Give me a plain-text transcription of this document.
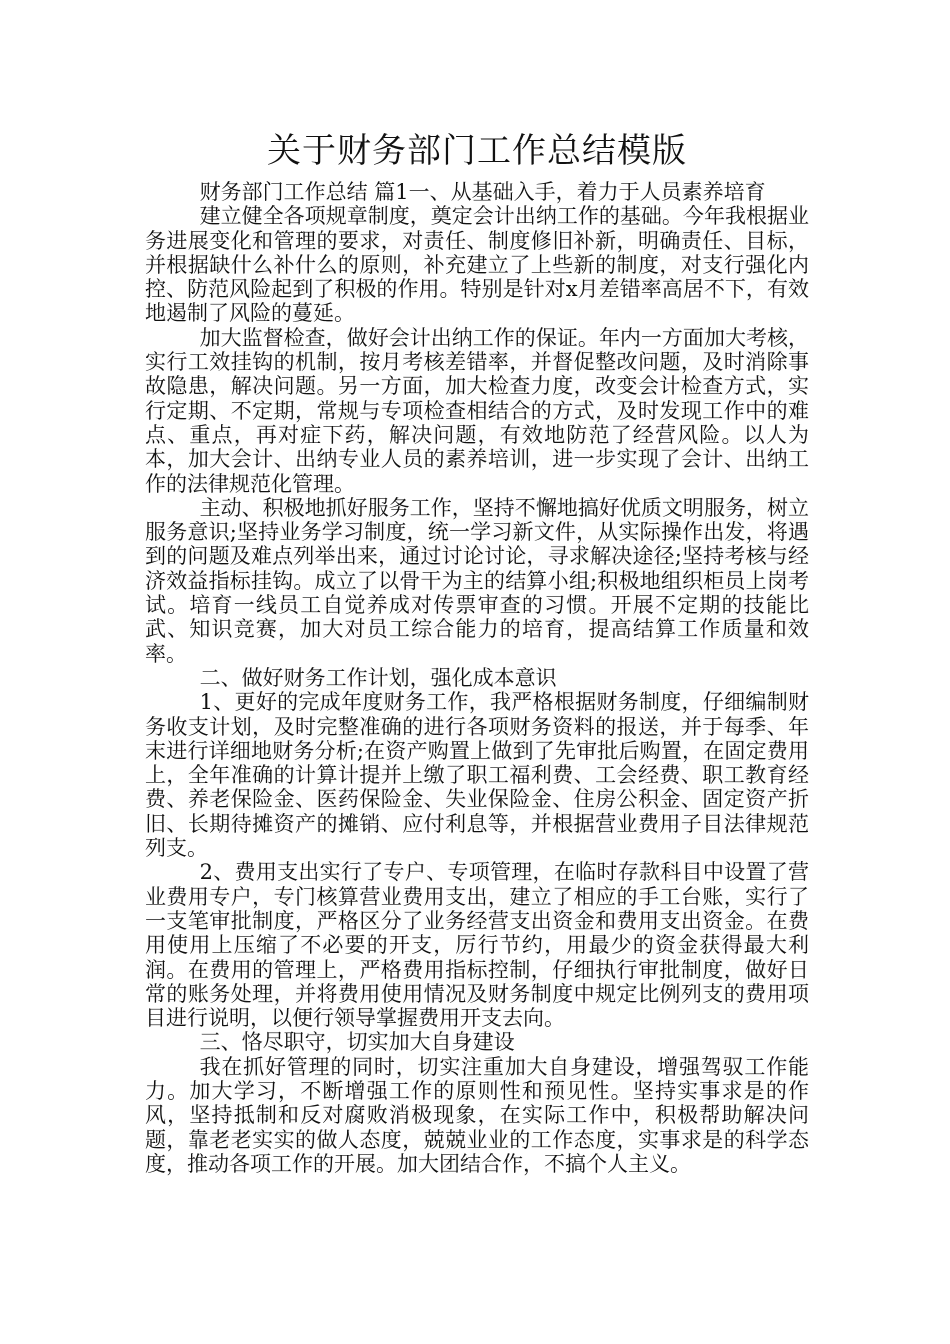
关于财务部门工作总结模版

财务部门工作总结 篇1一、从基础入手，着力于人员素养培育

建立健全各项规章制度，奠定会计出纳工作的基础。今年我根据业务进展变化和管理的要求，对责任、制度修旧补新，明确责任、目标，并根据缺什么补什么的原则，补充建立了上些新的制度，对支行强化内控、防范风险起到了积极的作用。特别是针对x月差错率高居不下，有效地遏制了风险的蔓延。

加大监督检查，做好会计出纳工作的保证。年内一方面加大考核，实行工效挂钩的机制，按月考核差错率，并督促整改问题，及时消除事故隐患，解决问题。另一方面，加大检查力度，改变会计检查方式，实行定期、不定期，常规与专项检查相结合的方式，及时发现工作中的难点、重点，再对症下药，解决问题，有效地防范了经营风险。以人为本，加大会计、出纳专业人员的素养培训，进一步实现了会计、出纳工作的法律规范化管理。

主动、积极地抓好服务工作，坚持不懈地搞好优质文明服务，树立服务意识;坚持业务学习制度，统一学习新文件，从实际操作出发，将遇到的问题及难点列举出来，通过讨论讨论，寻求解决途径;坚持考核与经济效益指标挂钩。成立了以骨干为主的结算小组;积极地组织柜员上岗考试。培育一线员工自觉养成对传票审查的习惯。开展不定期的技能比武、知识竞赛，加大对员工综合能力的培育，提高结算工作质量和效率。

二、做好财务工作计划，强化成本意识

1、更好的完成年度财务工作，我严格根据财务制度，仔细编制财务收支计划，及时完整准确的进行各项财务资料的报送，并于每季、年末进行详细地财务分析;在资产购置上做到了先审批后购置，在固定费用上，全年准确的计算计提并上缴了职工福利费、工会经费、职工教育经费、养老保险金、医药保险金、失业保险金、住房公积金、固定资产折旧、长期待摊资产的摊销、应付利息等，并根据营业费用子目法律规范列支。

2、费用支出实行了专户、专项管理，在临时存款科目中设置了营业费用专户，专门核算营业费用支出，建立了相应的手工台账，实行了一支笔审批制度，严格区分了业务经营支出资金和费用支出资金。在费用使用上压缩了不必要的开支，厉行节约，用最少的资金获得最大利润。在费用的管理上，严格费用指标控制，仔细执行审批制度，做好日常的账务处理，并将费用使用情况及财务制度中规定比例列支的费用项目进行说明，以便行领导掌握费用开支去向。

三、恪尽职守，切实加大自身建设

我在抓好管理的同时，切实注重加大自身建设，增强驾驭工作能力。加大学习，不断增强工作的原则性和预见性。坚持实事求是的作风，坚持抵制和反对腐败消极现象，在实际工作中，积极帮助解决问题，靠老老实实的做人态度，兢兢业业的工作态度，实事求是的科学态度，推动各项工作的开展。加大团结合作，不搞个人主义。
